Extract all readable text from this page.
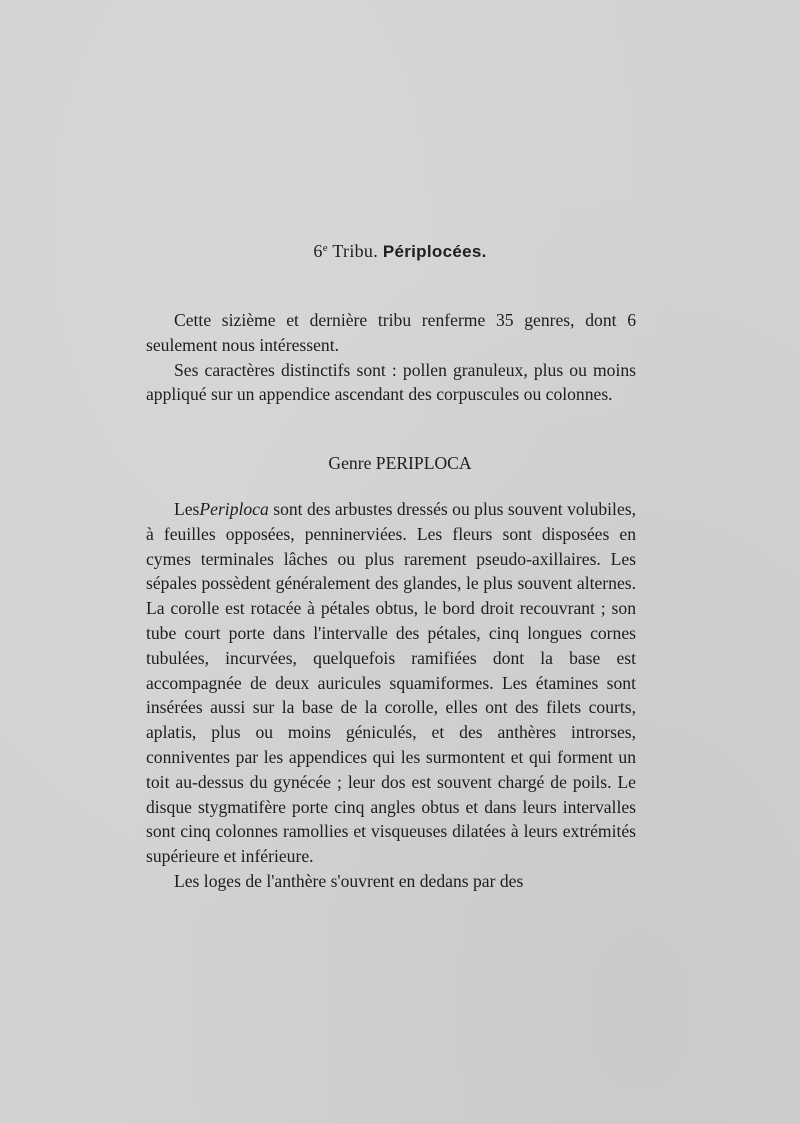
6e Tribu. Périplocées.

Cette sizième et dernière tribu renferme 35 genres, dont 6 seulement nous intéressent.

Ses caractères distinctifs sont : pollen granuleux, plus ou moins appliqué sur un appendice ascendant des corpuscules ou colonnes.

Genre PERIPLOCA

LesPeriploca sont des arbustes dressés ou plus souvent volubiles, à feuilles opposées, penninerviées. Les fleurs sont disposées en cymes terminales lâches ou plus rarement pseudo-axillaires. Les sépales possèdent généralement des glandes, le plus souvent alternes. La corolle est rotacée à pétales obtus, le bord droit recouvrant ; son tube court porte dans l'intervalle des pétales, cinq longues cornes tubulées, incurvées, quelquefois ramifiées dont la base est accompagnée de deux auricules squamiformes. Les étamines sont insérées aussi sur la base de la corolle, elles ont des filets courts, aplatis, plus ou moins géniculés, et des anthères introrses, conniventes par les appendices qui les surmontent et qui forment un toit au-dessus du gynécée ; leur dos est souvent chargé de poils. Le disque stygmatifère porte cinq angles obtus et dans leurs intervalles sont cinq colonnes ramollies et visqueuses dilatées à leurs extrémités supérieure et inférieure.

Les loges de l'anthère s'ouvrent en dedans par des
